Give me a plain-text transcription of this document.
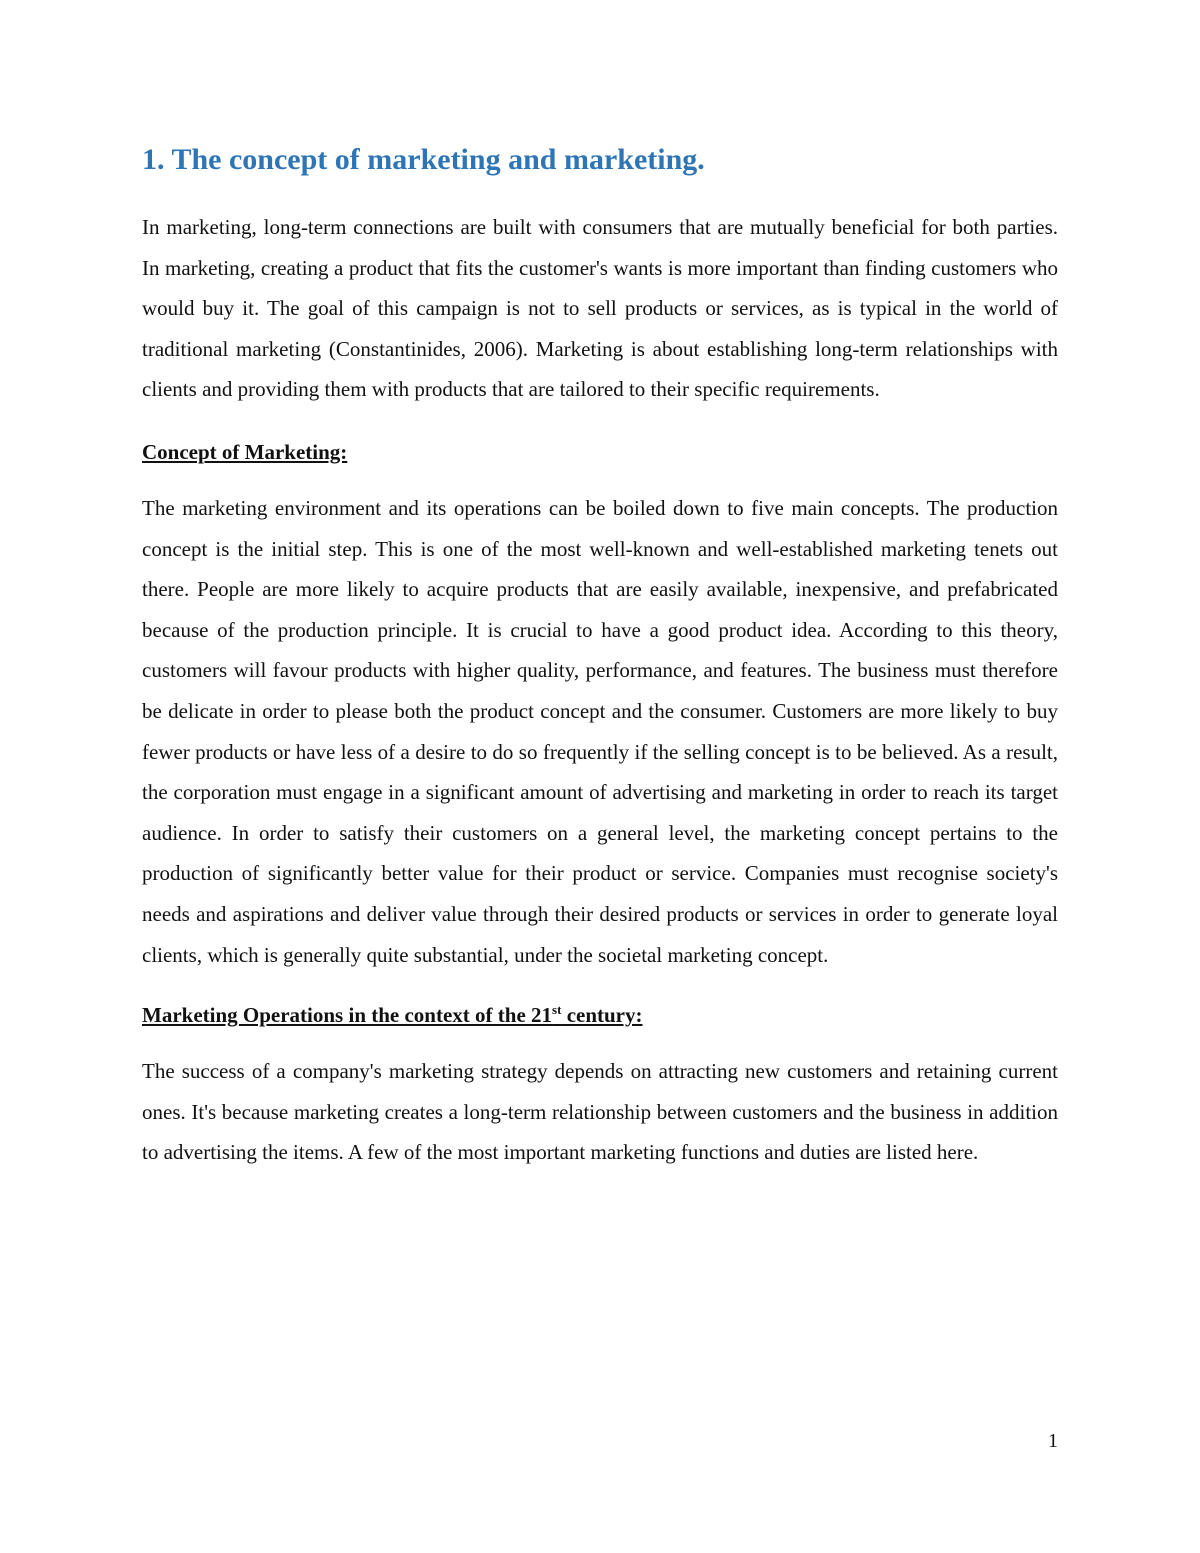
1. The concept of marketing and marketing.

In marketing, long-term connections are built with consumers that are mutually beneficial for both parties. In marketing, creating a product that fits the customer's wants is more important than finding customers who would buy it. The goal of this campaign is not to sell products or services, as is typical in the world of traditional marketing (Constantinides, 2006). Marketing is about establishing long-term relationships with clients and providing them with products that are tailored to their specific requirements.

Concept of Marketing:

The marketing environment and its operations can be boiled down to five main concepts. The production concept is the initial step. This is one of the most well-known and well-established marketing tenets out there. People are more likely to acquire products that are easily available, inexpensive, and prefabricated because of the production principle. It is crucial to have a good product idea. According to this theory, customers will favour products with higher quality, performance, and features. The business must therefore be delicate in order to please both the product concept and the consumer. Customers are more likely to buy fewer products or have less of a desire to do so frequently if the selling concept is to be believed. As a result, the corporation must engage in a significant amount of advertising and marketing in order to reach its target audience. In order to satisfy their customers on a general level, the marketing concept pertains to the production of significantly better value for their product or service. Companies must recognise society's needs and aspirations and deliver value through their desired products or services in order to generate loyal clients, which is generally quite substantial, under the societal marketing concept.

Marketing Operations in the context of the 21st century:

The success of a company's marketing strategy depends on attracting new customers and retaining current ones. It's because marketing creates a long-term relationship between customers and the business in addition to advertising the items. A few of the most important marketing functions and duties are listed here.

1
